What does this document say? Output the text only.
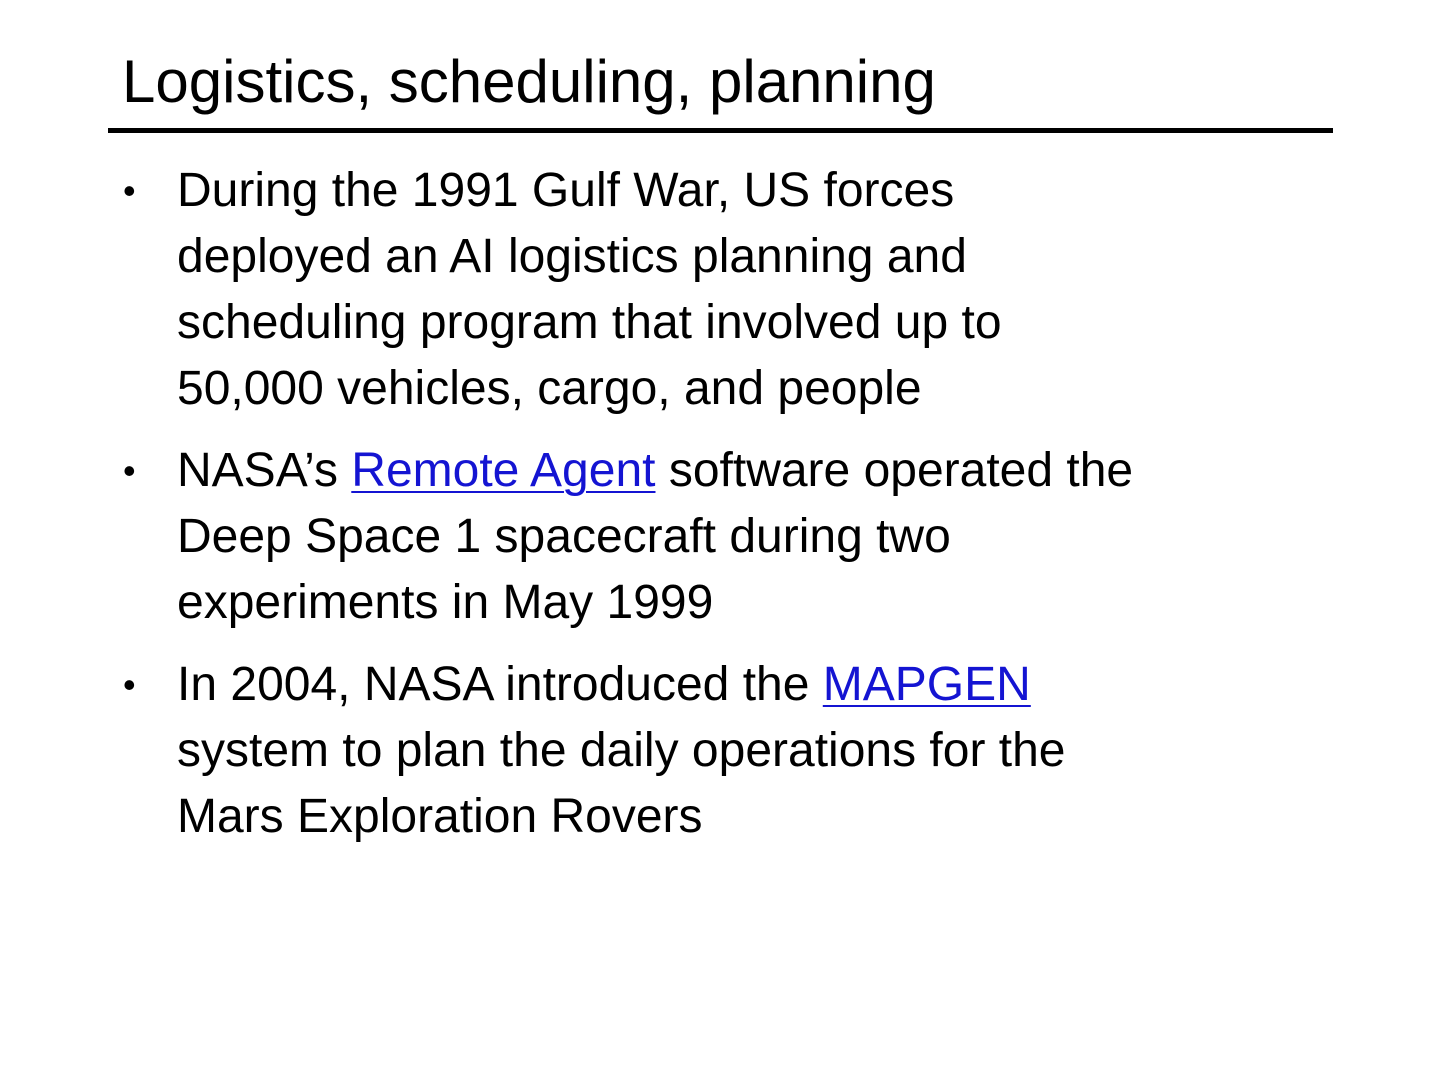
Logistics, scheduling, planning
• During the 1991 Gulf War, US forces
deployed an AI logistics planning and
scheduling program that involved up to
50,000 vehicles, cargo, and people
• NASA’s Remote Agent software operated the
Deep Space 1 spacecraft during two
experiments in May 1999
• In 2004, NASA introduced the MAPGEN
system to plan the daily operations for the
Mars Exploration Rovers
